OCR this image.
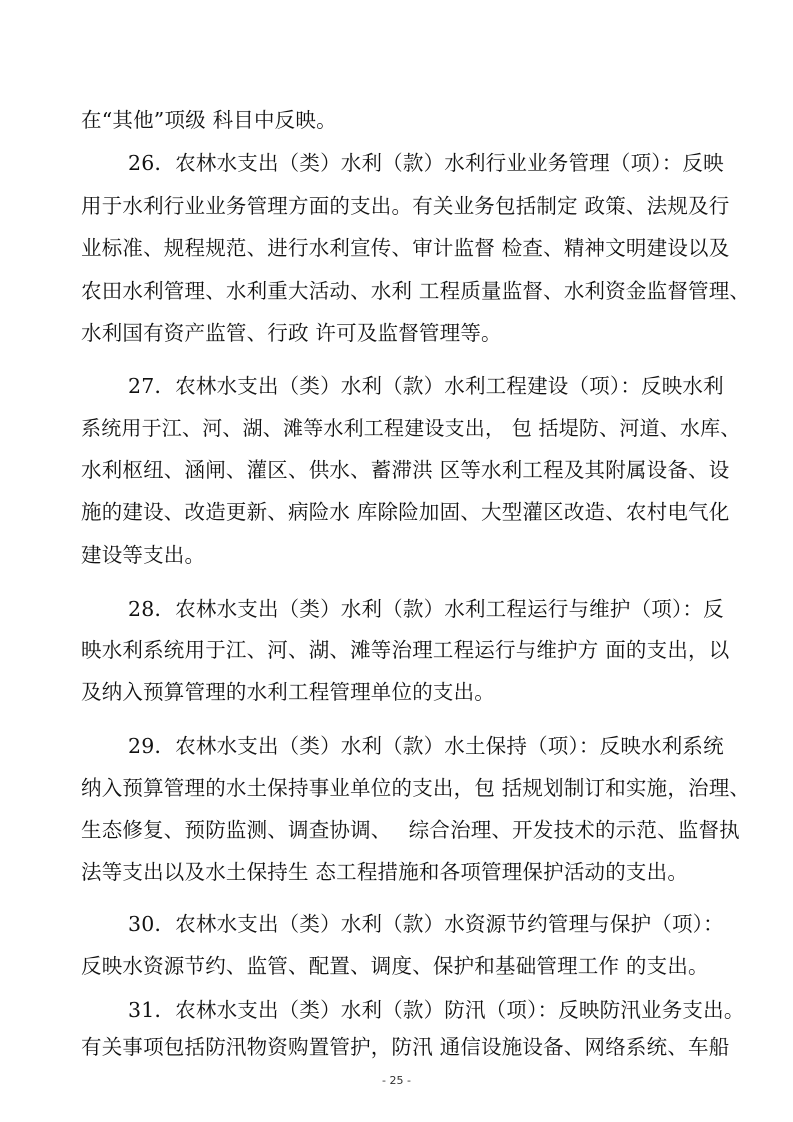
在“其他”项级 科目中反映。
26．农林水支出（类）水利（款）水利行业业务管理（项）：反映
用于水利行业业务管理方面的支出。有关业务包括制定 政策、法规及行
业标准、规程规范、进行水利宣传、审计监督 检查、精神文明建设以及
农田水利管理、水利重大活动、水利 工程质量监督、水利资金监督管理、
水利国有资产监管、行政 许可及监督管理等。
27．农林水支出（类）水利（款）水利工程建设（项）：反映水利
系统用于江、河、湖、滩等水利工程建设支出， 包 括堤防、河道、水库、
水利枢纽、涵闸、灌区、供水、蓄滞洪 区等水利工程及其附属设备、设
施的建设、改造更新、病险水 库除险加固、大型灌区改造、农村电气化
建设等支出。
28．农林水支出（类）水利（款）水利工程运行与维护（项）：反
映水利系统用于江、河、湖、滩等治理工程运行与维护方 面的支出，以
及纳入预算管理的水利工程管理单位的支出。
29．农林水支出（类）水利（款）水土保持（项）：反映水利系统
纳入预算管理的水土保持事业单位的支出，包 括规划制订和实施，治理、
生态修复、预防监测、调查协调、　 综合治理、开发技术的示范、监督执
法等支出以及水土保持生 态工程措施和各项管理保护活动的支出。
30．农林水支出（类）水利（款）水资源节约管理与保护（项）：
反映水资源节约、监管、配置、调度、保护和基础管理工作 的支出。
31．农林水支出（类）水利（款）防汛（项）：反映防汛业务支出。
有关事项包括防汛物资购置管护，防汛 通信设施设备、网络系统、车船
- 25 -
